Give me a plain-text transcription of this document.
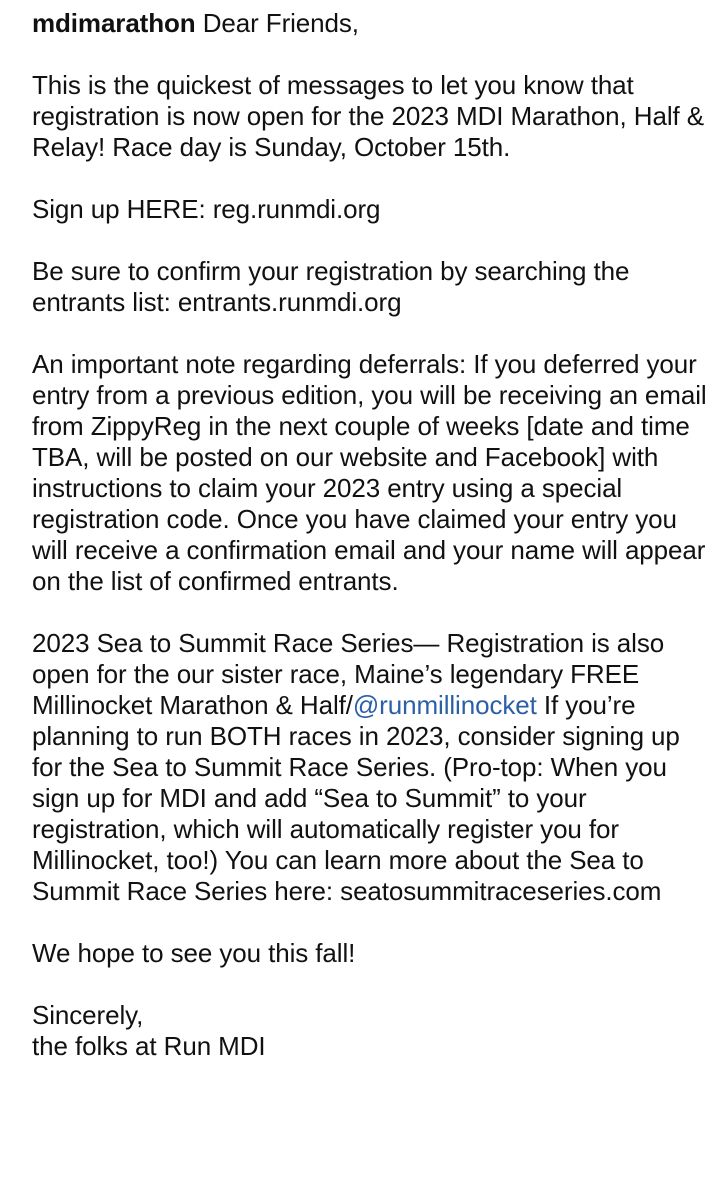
mdimarathon Dear Friends,

This is the quickest of messages to let you know that registration is now open for the 2023 MDI Marathon, Half & Relay! Race day is Sunday, October 15th.

Sign up HERE: reg.runmdi.org

Be sure to confirm your registration by searching the entrants list: entrants.runmdi.org

An important note regarding deferrals: If you deferred your entry from a previous edition, you will be receiving an email from ZippyReg in the next couple of weeks [date and time TBA, will be posted on our website and Facebook] with instructions to claim your 2023 entry using a special registration code. Once you have claimed your entry you will receive a confirmation email and your name will appear on the list of confirmed entrants.

2023 Sea to Summit Race Series— Registration is also open for the our sister race, Maine’s legendary FREE Millinocket Marathon & Half/@runmillinocket If you’re planning to run BOTH races in 2023, consider signing up for the Sea to Summit Race Series. (Pro-top: When you sign up for MDI and add “Sea to Summit” to your registration, which will automatically register you for Millinocket, too!) You can learn more about the Sea to Summit Race Series here: seatosummitraceseries.com

We hope to see you this fall!

Sincerely,
the folks at Run MDI
